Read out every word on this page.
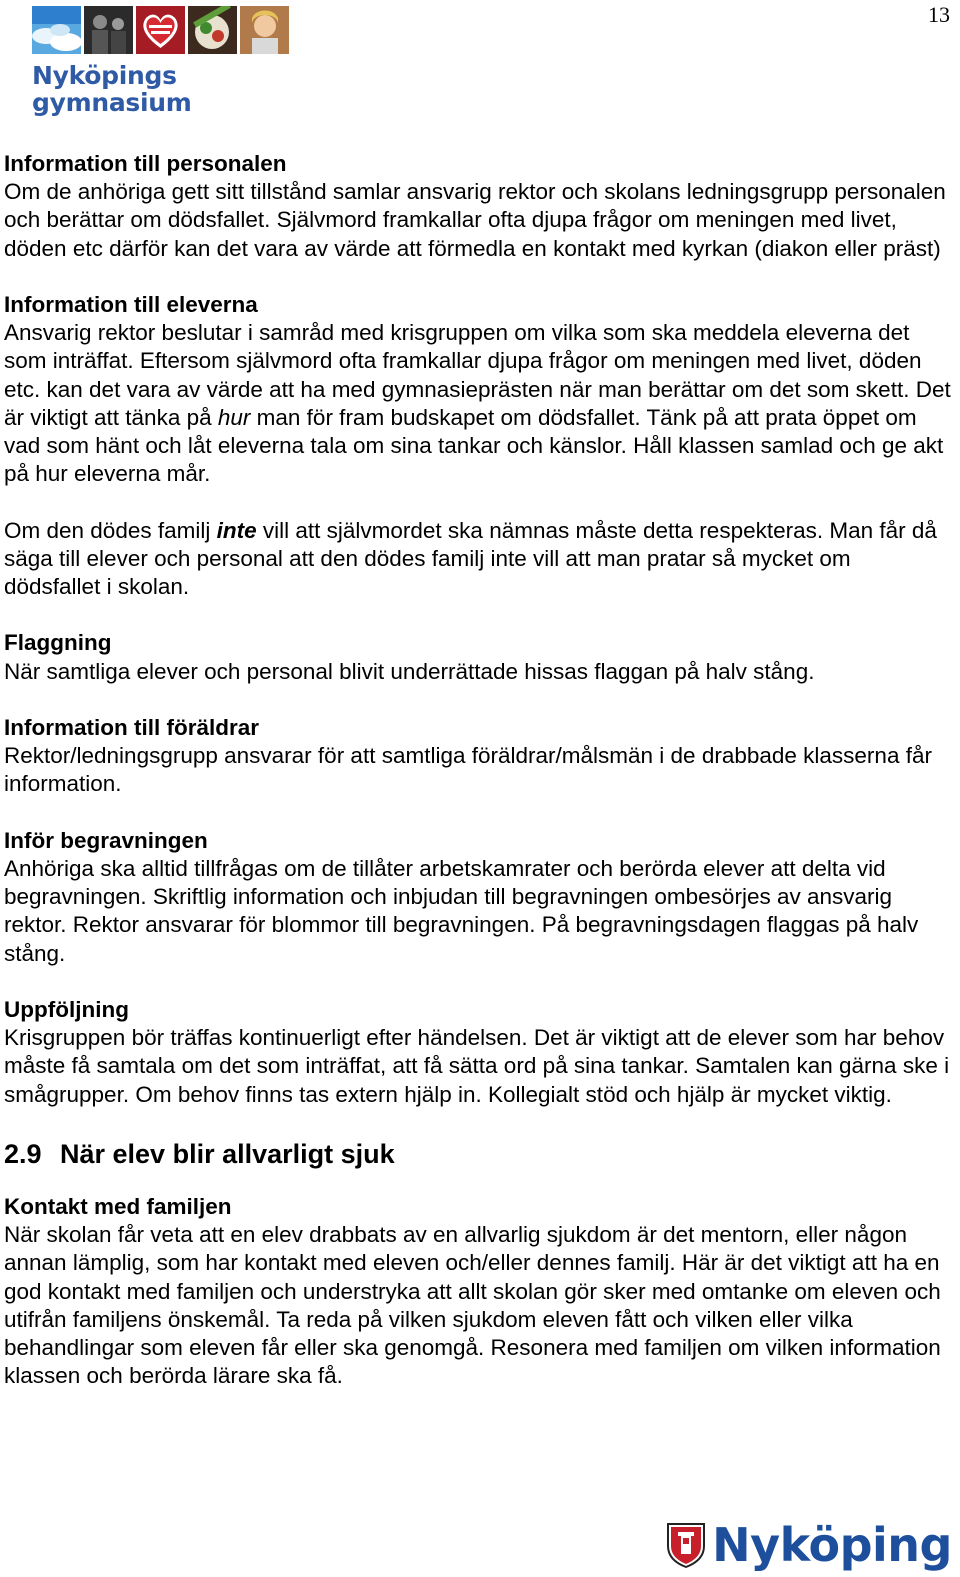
13
Nyköpings
gymnasium

Information till personalen

Om de anhöriga gett sitt tillstånd samlar ansvarig rektor och skolans ledningsgrupp personalen och berättar om dödsfallet. Självmord framkallar ofta djupa frågor om meningen med livet, döden etc därför kan det vara av värde att förmedla en kontakt med kyrkan (diakon eller präst)

Information till eleverna

Ansvarig rektor beslutar i samråd med krisgruppen om vilka som ska meddela eleverna det som inträffat. Eftersom självmord ofta framkallar djupa frågor om meningen med livet, döden etc. kan det vara av värde att ha med gymnasieprästen när man berättar om det som skett. Det är viktigt att tänka på hur man för fram budskapet om dödsfallet. Tänk på att prata öppet om vad som hänt och låt eleverna tala om sina tankar och känslor. Håll klassen samlad och ge akt på hur eleverna mår.

Om den dödes familj inte vill att självmordet ska nämnas måste detta respekteras. Man får då säga till elever och personal att den dödes familj inte vill att man pratar så mycket om dödsfallet i skolan.

Flaggning

När samtliga elever och personal blivit underrättade hissas flaggan på halv stång.

Information till föräldrar

Rektor/ledningsgrupp ansvarar för att samtliga föräldrar/målsmän i de drabbade klasserna får information.

Inför begravningen

Anhöriga ska alltid tillfrågas om de tillåter arbetskamrater och berörda elever att delta vid begravningen. Skriftlig information och inbjudan till begravningen ombesörjes av ansvarig rektor. Rektor ansvarar för blommor till begravningen. På begravningsdagen flaggas på halv stång.

Uppföljning

Krisgruppen bör träffas kontinuerligt efter händelsen. Det är viktigt att de elever som har behov måste få samtala om det som inträffat, att få sätta ord på sina tankar. Samtalen kan gärna ske i smågrupper. Om behov finns tas extern hjälp in. Kollegialt stöd och hjälp är mycket viktig.

2.9 När elev blir allvarligt sjuk

Kontakt med familjen

När skolan får veta att en elev drabbats av en allvarlig sjukdom är det mentorn, eller någon annan lämplig, som har kontakt med eleven och/eller dennes familj. Här är det viktigt att ha en god kontakt med familjen och understryka att allt skolan gör sker med omtanke om eleven och utifrån familjens önskemål. Ta reda på vilken sjukdom eleven fått och vilken eller vilka behandlingar som eleven får eller ska genomgå. Resonera med familjen om vilken information klassen och berörda lärare ska få.

Nyköping
